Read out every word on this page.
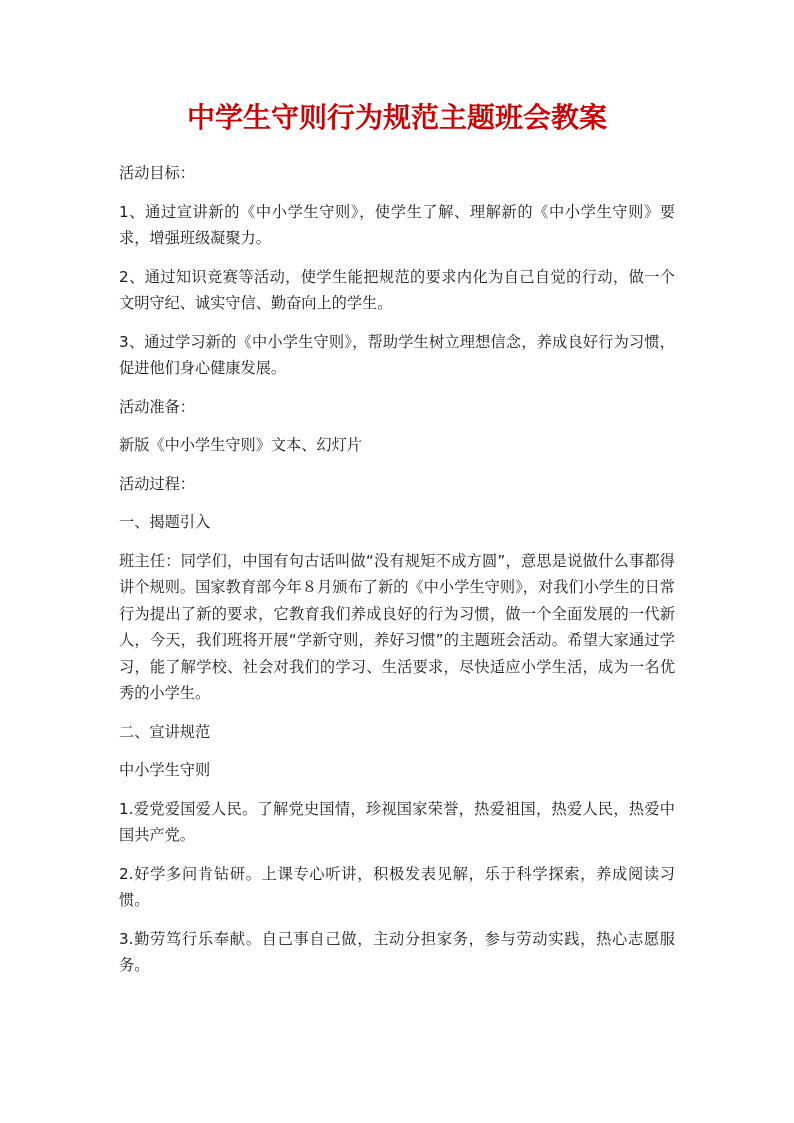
中学生守则行为规范主题班会教案

活动目标：

1、通过宣讲新的《中小学生守则》，使学生了解、理解新的《中小学生守则》要求，增强班级凝聚力。

2、通过知识竞赛等活动，使学生能把规范的要求内化为自己自觉的行动，做一个文明守纪、诚实守信、勤奋向上的学生。

3、通过学习新的《中小学生守则》，帮助学生树立理想信念，养成良好行为习惯，促进他们身心健康发展。

活动准备：

新版《中小学生守则》文本、幻灯片

活动过程：

一、揭题引入

班主任：同学们，中国有句古话叫做“没有规矩不成方圆”，意思是说做什么事都得讲个规则。国家教育部今年８月颁布了新的《中小学生守则》，对我们小学生的日常行为提出了新的要求，它教育我们养成良好的行为习惯，做一个全面发展的一代新人，今天，我们班将开展“学新守则，养好习惯”的主题班会活动。希望大家通过学习，能了解学校、社会对我们的学习、生活要求，尽快适应小学生活，成为一名优秀的小学生。

二、宣讲规范

中小学生守则

1.爱党爱国爱人民。了解党史国情，珍视国家荣誉，热爱祖国，热爱人民，热爱中国共产党。

2.好学多问肯钻研。上课专心听讲，积极发表见解，乐于科学探索，养成阅读习惯。

3.勤劳笃行乐奉献。自己事自己做，主动分担家务，参与劳动实践，热心志愿服务。
